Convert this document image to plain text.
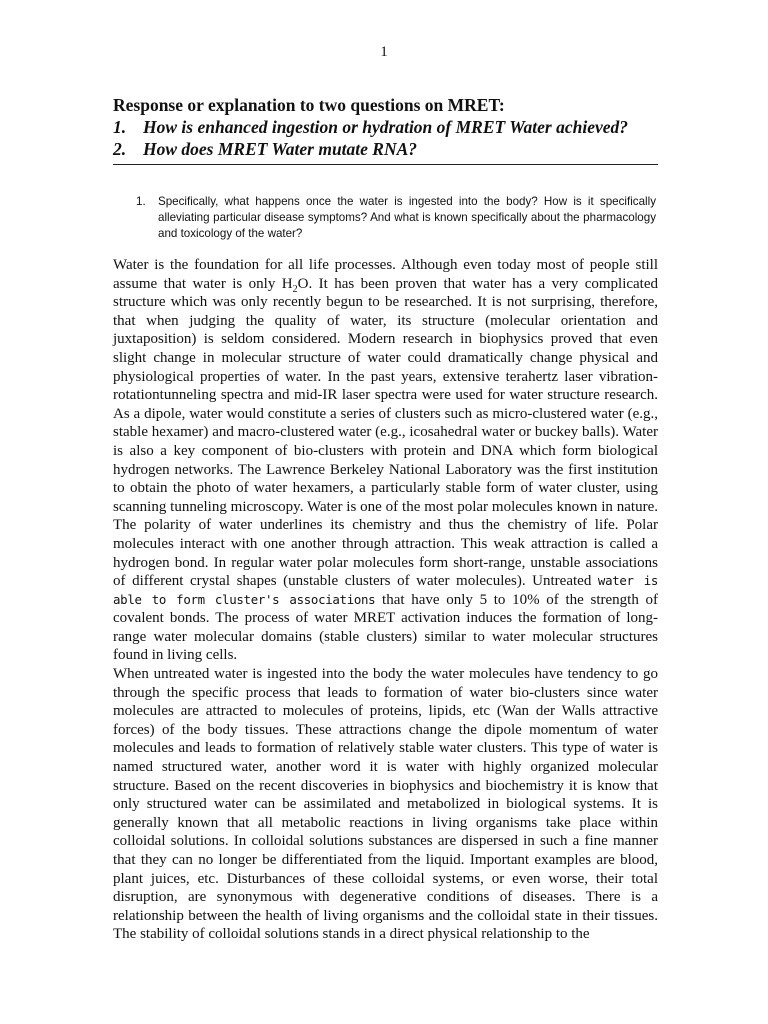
1

Response or explanation to two questions on MRET:

1. How is enhanced ingestion or hydration of MRET Water achieved?

2. How does MRET Water mutate RNA?

1. Specifically, what happens once the water is ingested into the body? How is it specifically alleviating particular disease symptoms? And what is known specifically about the pharmacology and toxicology of the water?

Water is the foundation for all life processes. Although even today most of people still assume that water is only $H_2O$. It has been proven that water has a very complicated structure which was only recently begun to be researched. It is not surprising, therefore, that when judging the quality of water, its structure (molecular orientation and juxtaposition) is seldom considered. Modern research in biophysics proved that even slight change in molecular structure of water could dramatically change physical and physiological properties of water. In the past years, extensive terahertz laser vibration-rotationtunneling spectra and mid-IR laser spectra were used for water structure research. As a dipole, water would constitute a series of clusters such as micro-clustered water (e.g., stable hexamer) and macro-clustered water (e.g., icosahedral water or buckey balls). Water is also a key component of bio-clusters with protein and DNA which form biological hydrogen networks. The Lawrence Berkeley National Laboratory was the first institution to obtain the photo of water hexamers, a particularly stable form of water cluster, using scanning tunneling microscopy. Water is one of the most polar molecules known in nature. The polarity of water underlines its chemistry and thus the chemistry of life. Polar molecules interact with one another through attraction. This weak attraction is called a hydrogen bond. In regular water polar molecules form short-range, unstable associations of different crystal shapes (unstable clusters of water molecules). Untreated water is able to form cluster's associations that have only 5 to 10% of the strength of covalent bonds. The process of water MRET activation induces the formation of long-range water molecular domains (stable clusters) similar to water molecular structures found in living cells.

When untreated water is ingested into the body the water molecules have tendency to go through the specific process that leads to formation of water bio-clusters since water molecules are attracted to molecules of proteins, lipids, etc (Wan der Walls attractive forces) of the body tissues. These attractions change the dipole momentum of water molecules and leads to formation of relatively stable water clusters. This type of water is named structured water, another word it is water with highly organized molecular structure. Based on the recent discoveries in biophysics and biochemistry it is know that only structured water can be assimilated and metabolized in biological systems. It is generally known that all metabolic reactions in living organisms take place within colloidal solutions. In colloidal solutions substances are dispersed in such a fine manner that they can no longer be differentiated from the liquid. Important examples are blood, plant juices, etc. Disturbances of these colloidal systems, or even worse, their total disruption, are synonymous with degenerative conditions of diseases. There is a relationship between the health of living organisms and the colloidal state in their tissues. The stability of colloidal solutions stands in a direct physical relationship to the
